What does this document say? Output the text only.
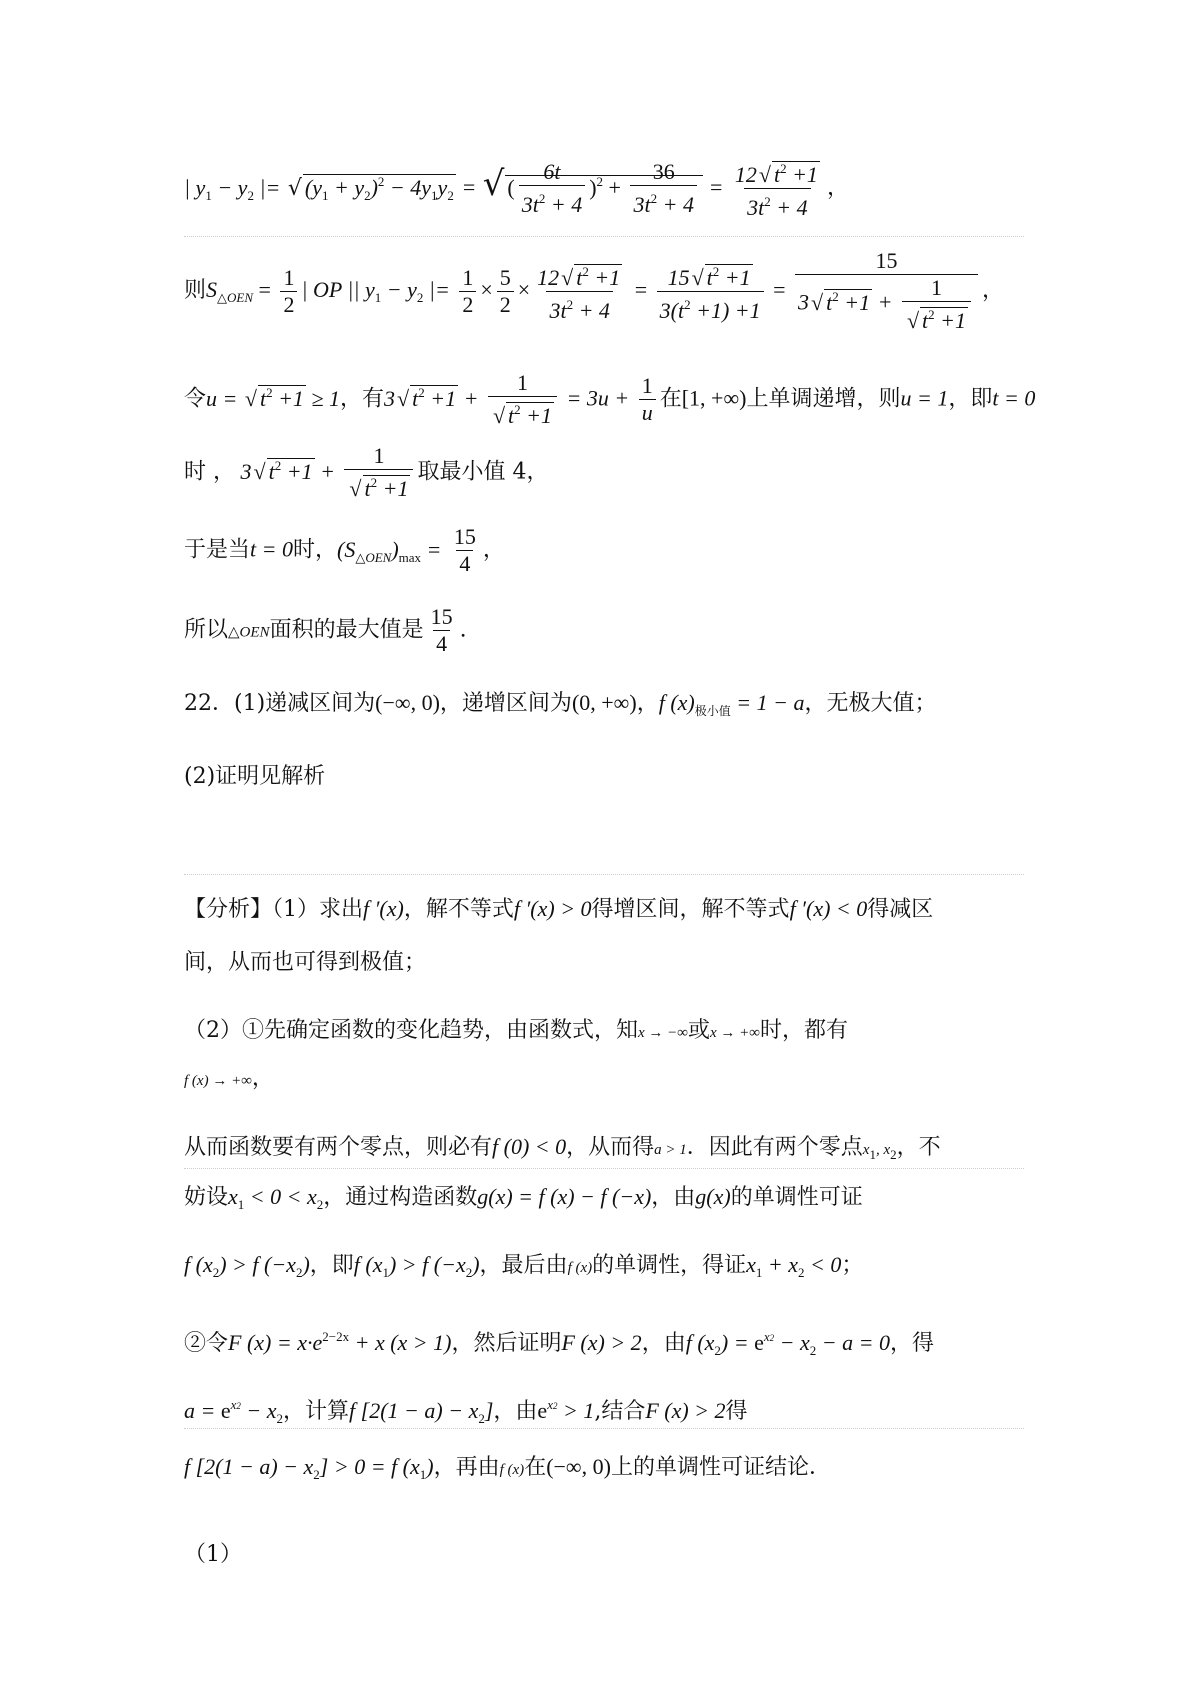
| $y_1 - y_2$ |= √ $(y_1 + y_2)^2 - 4y_1y_2$ = √ ( $\frac{6t}{3t^2 + 4} )^2 + \frac{36}{3t^2 + 4} = \frac{12√ t^2 +1}{3t^2 + 4}$ ，
则$S_{\triangle OEN} = \frac{1}{2}$ | OP || $y_1 - y_2$ |= $\frac{1}{2} \times \frac{5}{2} \times \frac{12√ t^2 +1}{3t^2 + 4} = \frac{15√ t^2 +1}{3(t^2 +1) +1} = \frac{15}{3√ t^2 +1 + \frac{1}{√ t^2 +1}}$ ，
令u = √ $t^2 +1 \ge 1$，有3√ $t^2 +1 + \frac{1}{√ t^2 +1} = 3u + \frac{1}{u}$ 在[1, +∞)上单调递增，则u = 1，即t = 0
时 ， 3√ $t^2 +1 + \frac{1}{√ t^2 +1}$ 取最小值 4，
于是当t = 0时，$(S_{\triangle OEN})_{max} = \frac{15}{4}$ ，
所以△OEN面积的最大值是 $\frac{15}{4}$ .
22．(1)递减区间为(−∞, 0)，递增区间为(0, +∞)，f $(x)_{极小值} = 1 - a$，无极大值；
(2)证明见解析
【分析】（1）求出f ′(x)，解不等式f ′(x) > 0得增区间，解不等式f ′(x) < 0得减区
间，从而也可得到极值；
（2）①先确定函数的变化趋势，由函数式，知x → −∞或x → +∞时，都有
f (x) → +∞，
从而函数要有两个零点，则必有f (0) < 0，从而得a > 1．因此有两个零点x1, x2，不
妨设$x_1 < 0 < x_2$，通过构造函数g(x) = f (x) − f (−x)，由g(x)的单调性可证
f $(x_2) > f$ $(-x_2)$，即f $(x_1) > f$ $(-x_2)$，最后由f (x)的单调性，得证$x_1 + x_2 < 0$；
②令F $(x) = x\cdot e^{2-2x} + x$ (x > 1)，然后证明F (x) > 2，由f $(x_2) = e^{x2} - x_2 - a = 0$，得
$a = e^{x2} - x_2$，计算f $[2(1 - a) - x_2]$，由$e^{x2} > 1$,结合F (x) > 2得
f $[2(1 - a) - x_2] > 0 = f$ $(x_1)$，再由f (x)在(−∞, 0)上的单调性可证结论．
（1）
